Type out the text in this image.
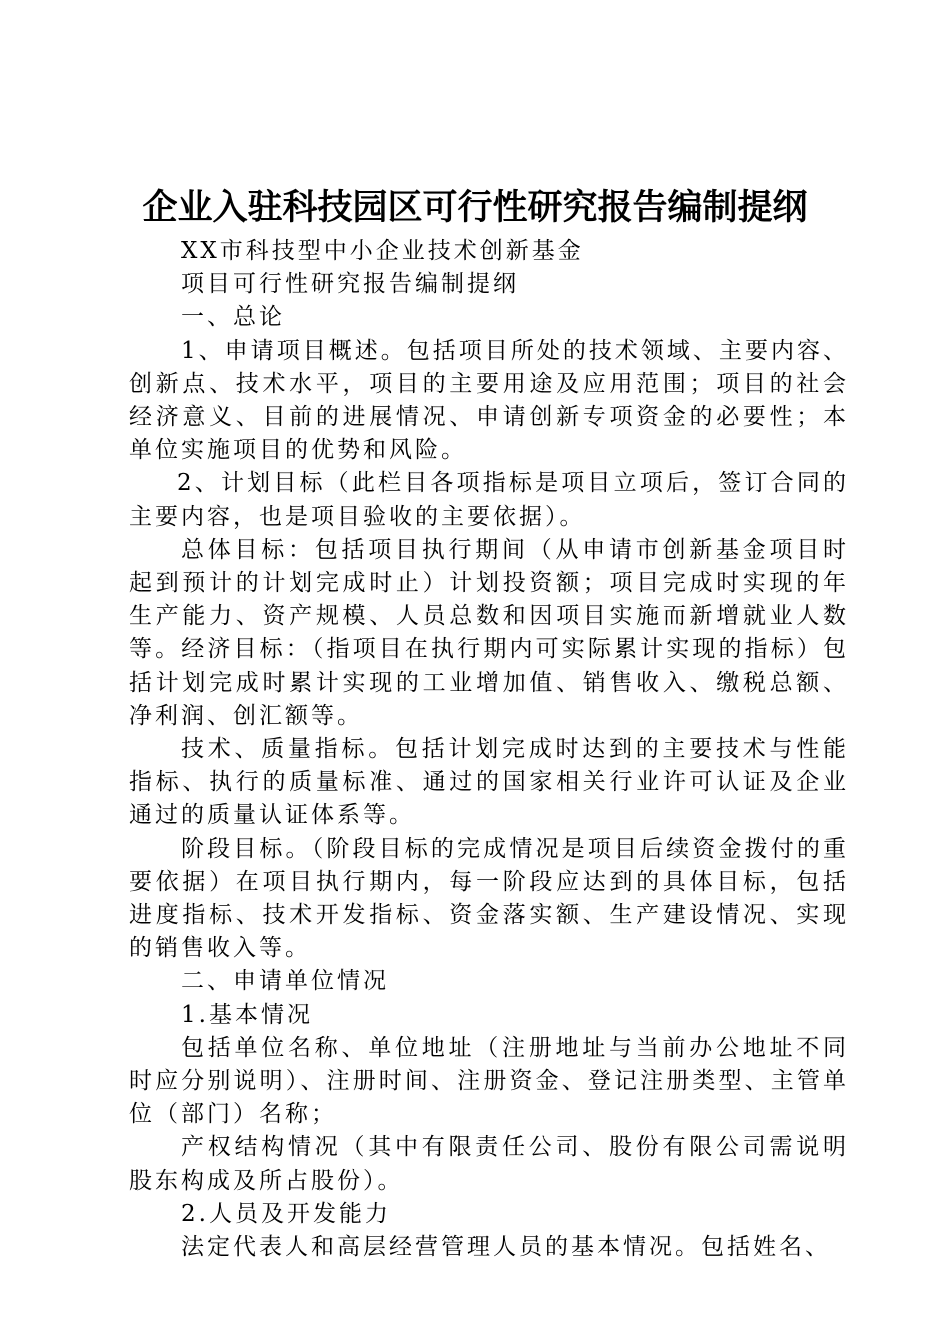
企业入驻科技园区可行性研究报告编制提纲

XX市科技型中小企业技术创新基金

项目可行性研究报告编制提纲

一、总论

1、申请项目概述。包括项目所处的技术领域、主要内容、创新点、技术水平，项目的主要用途及应用范围；项目的社会经济意义、目前的进展情况、申请创新专项资金的必要性；本单位实施项目的优势和风险。

2、计划目标（此栏目各项指标是项目立项后，签订合同的主要内容，也是项目验收的主要依据）。

总体目标：包括项目执行期间（从申请市创新基金项目时起到预计的计划完成时止）计划投资额；项目完成时实现的年生产能力、资产规模、人员总数和因项目实施而新增就业人数等。经济目标：（指项目在执行期内可实际累计实现的指标）包括计划完成时累计实现的工业增加值、销售收入、缴税总额、净利润、创汇额等。

技术、质量指标。包括计划完成时达到的主要技术与性能指标、执行的质量标准、通过的国家相关行业许可认证及企业通过的质量认证体系等。

阶段目标。（阶段目标的完成情况是项目后续资金拨付的重要依据）在项目执行期内，每一阶段应达到的具体目标，包括进度指标、技术开发指标、资金落实额、生产建设情况、实现的销售收入等。

二、申请单位情况

1.基本情况

包括单位名称、单位地址（注册地址与当前办公地址不同时应分别说明）、注册时间、注册资金、登记注册类型、主管单位（部门）名称；

产权结构情况（其中有限责任公司、股份有限公司需说明股东构成及所占股份）。

2.人员及开发能力

法定代表人和高层经营管理人员的基本情况。包括姓名、
